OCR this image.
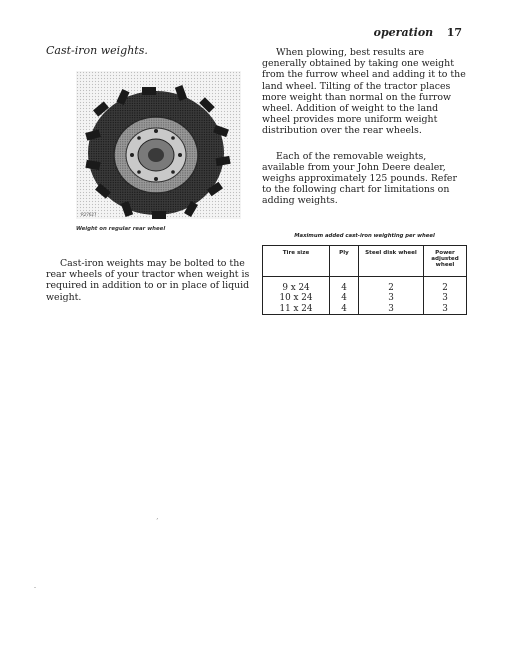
operation 17

Cast-iron weights.

R27627
Weight on regular rear wheel

Cast-iron weights may be bolted to the rear wheels of your tractor when weight is required in addition to or in place of liquid weight.

When plowing, best results are generally obtained by taking one weight from the furrow wheel and adding it to the land wheel. Tilting of the tractor places more weight than normal on the furrow wheel. Addition of weight to the land wheel provides more uniform weight distribution over the rear wheels.

Each of the removable weights, available from your John Deere dealer, weighs approximately 125 pounds. Refer to the following chart for limitations on adding weights.

Maximum added cast-iron weighting per wheel
Tire size	Ply	Steel disk wheel	Power adjusted wheel
9 x 24	4	2	2
10 x 24	4	3	3
11 x 24	4	3	3
ʼ
-
